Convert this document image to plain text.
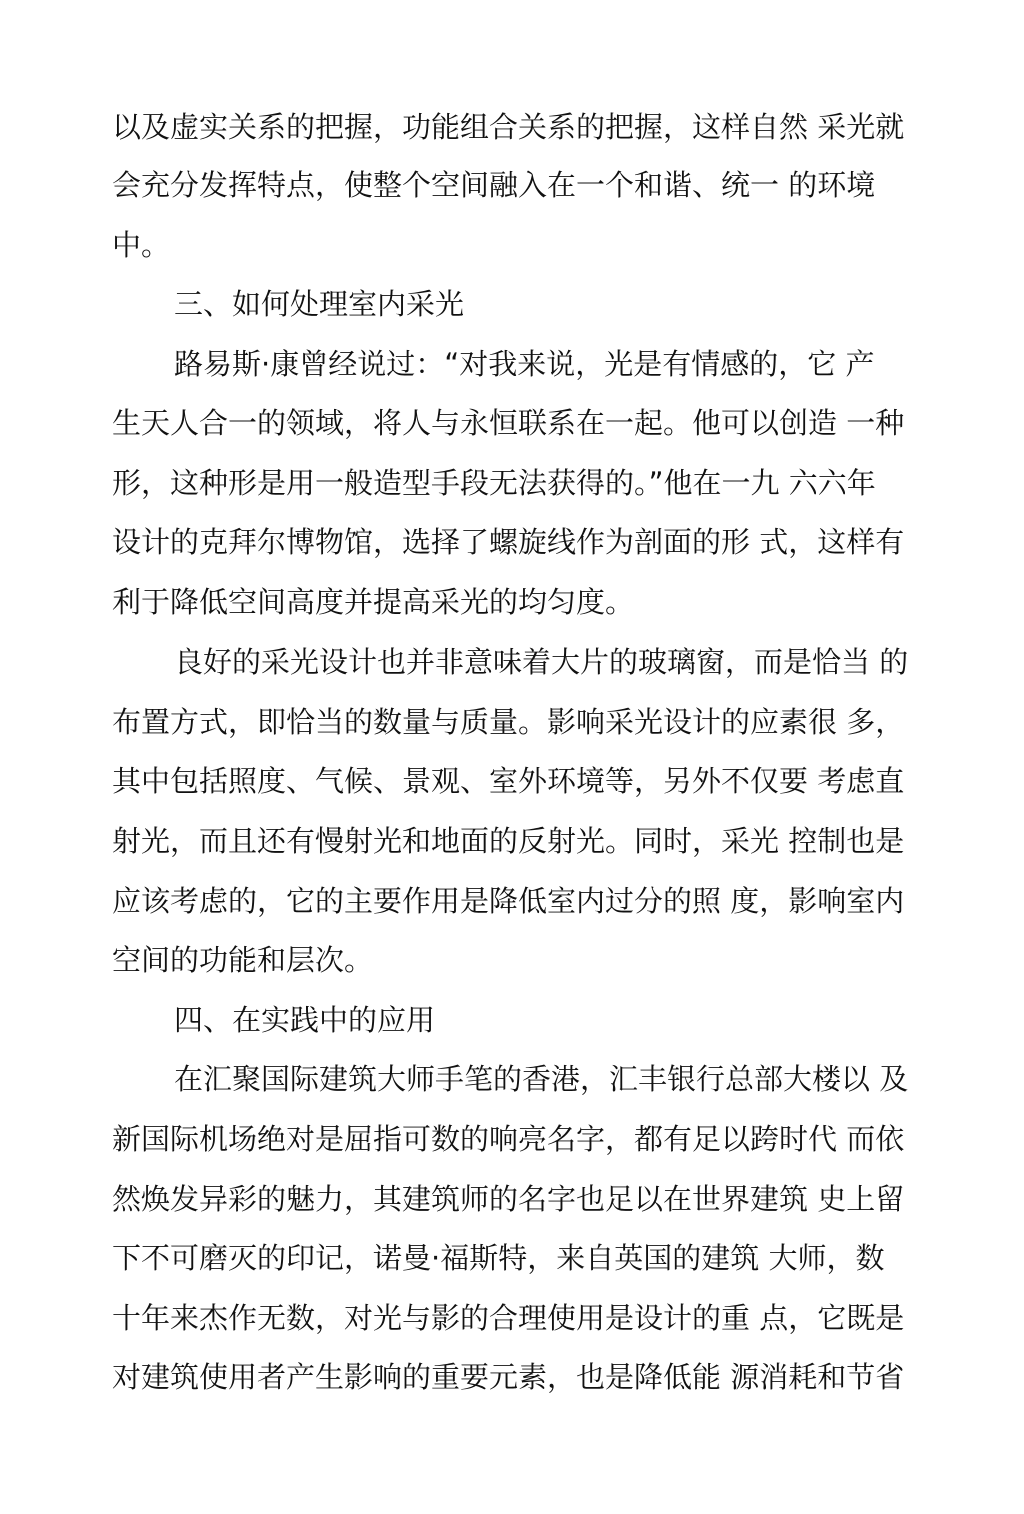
以及虚实关系的把握，功能组合关系的把握，这样自然 采光就
会充分发挥特点，使整个空间融入在一个和谐、统一 的环境
中。
三、如何处理室内采光
路易斯·康曾经说过：“对我来说，光是有情感的，它 产
生天人合一的领域，将人与永恒联系在一起。他可以创造 一种
形，这种形是用一般造型手段无法获得的。”他在一九 六六年
设计的克拜尔博物馆，选择了螺旋线作为剖面的形 式，这样有
利于降低空间高度并提高采光的均匀度。
良好的采光设计也并非意味着大片的玻璃窗，而是恰当 的
布置方式，即恰当的数量与质量。影响采光设计的应素很 多，
其中包括照度、气候、景观、室外环境等，另外不仅要 考虑直
射光，而且还有慢射光和地面的反射光。同时，采光 控制也是
应该考虑的，它的主要作用是降低室内过分的照 度，影响室内
空间的功能和层次。
四、在实践中的应用
在汇聚国际建筑大师手笔的香港，汇丰银行总部大楼以 及
新国际机场绝对是屈指可数的响亮名字，都有足以跨时代 而依
然焕发异彩的魅力，其建筑师的名字也足以在世界建筑 史上留
下不可磨灭的印记，诺曼·福斯特，来自英国的建筑 大师，数
十年来杰作无数，对光与影的合理使用是设计的重 点，它既是
对建筑使用者产生影响的重要元素，也是降低能 源消耗和节省
